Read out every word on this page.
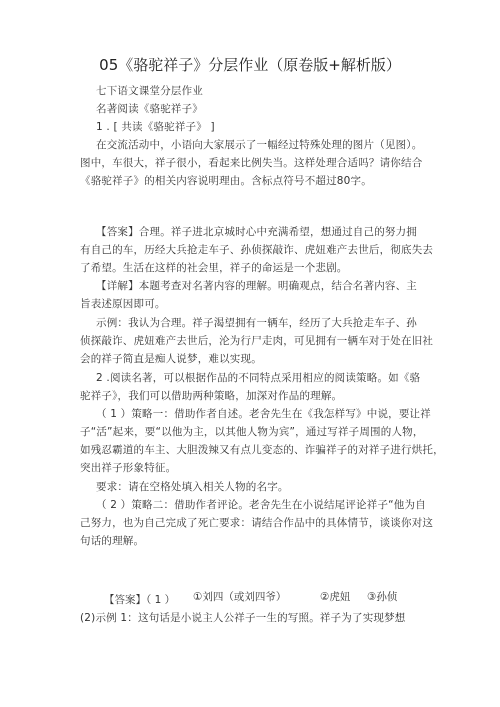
05《骆驼祥子》分层作业（原卷版+解析版）
七下语文课堂分层作业
名著阅读《骆驼祥子》
1 . [ 共读《骆驼祥子》 ]
在交流活动中，小语向大家展示了一幅经过特殊处理的图片（见图）。
图中，车很大，祥子很小，看起来比例失当。这样处理合适吗？请你结合
《骆驼祥子》的相关内容说明理由。含标点符号不超过80字。
【答案】合理。祥子进北京城时心中充满希望，想通过自己的努力拥
有自己的车，历经大兵抢走车子、孙侦探敲诈、虎妞难产去世后，彻底失去
了希望。生活在这样的社会里，祥子的命运是一个悲剧。
【详解】本题考查对名著内容的理解。明确观点，结合名著内容、主
旨表述原因即可。
示例：我认为合理。祥子渴望拥有一辆车，经历了大兵抢走车子、孙
侦探敲诈、虎妞难产去世后，沦为行尸走肉，可见拥有一辆车对于处在旧社
会的祥子简直是痴人说梦，难以实现。
2 .阅读名著，可以根据作品的不同特点采用相应的阅读策略。如《骆
驼祥子》，我们可以借助两种策略，加深对作品的理解。
（ 1 ）策略一：借助作者自述。老舍先生在《我怎样写》中说，要让祥
子“活”起来，要“以他为主，以其他人物为宾”，通过写祥子周围的人物，
如残忍霸道的车主、大胆泼辣又有点儿变态的、诈骗祥子的对祥子进行烘托，
突出祥子形象特征。
要求：请在空格处填入相关人物的名字。
（ 2 ）策略二：借助作者评论。老舍先生在小说结尾评论祥子“他为自
己努力，也为自己完成了死亡要求：请结合作品中的具体情节，谈谈你对这
句话的理解。
【答案】（ 1 ） ①刘四（或刘四爷）	②虎妞 ③孙侦
(2)示例 1：这句话是小说主人公祥子一生的写照。祥子为了实现梦想
